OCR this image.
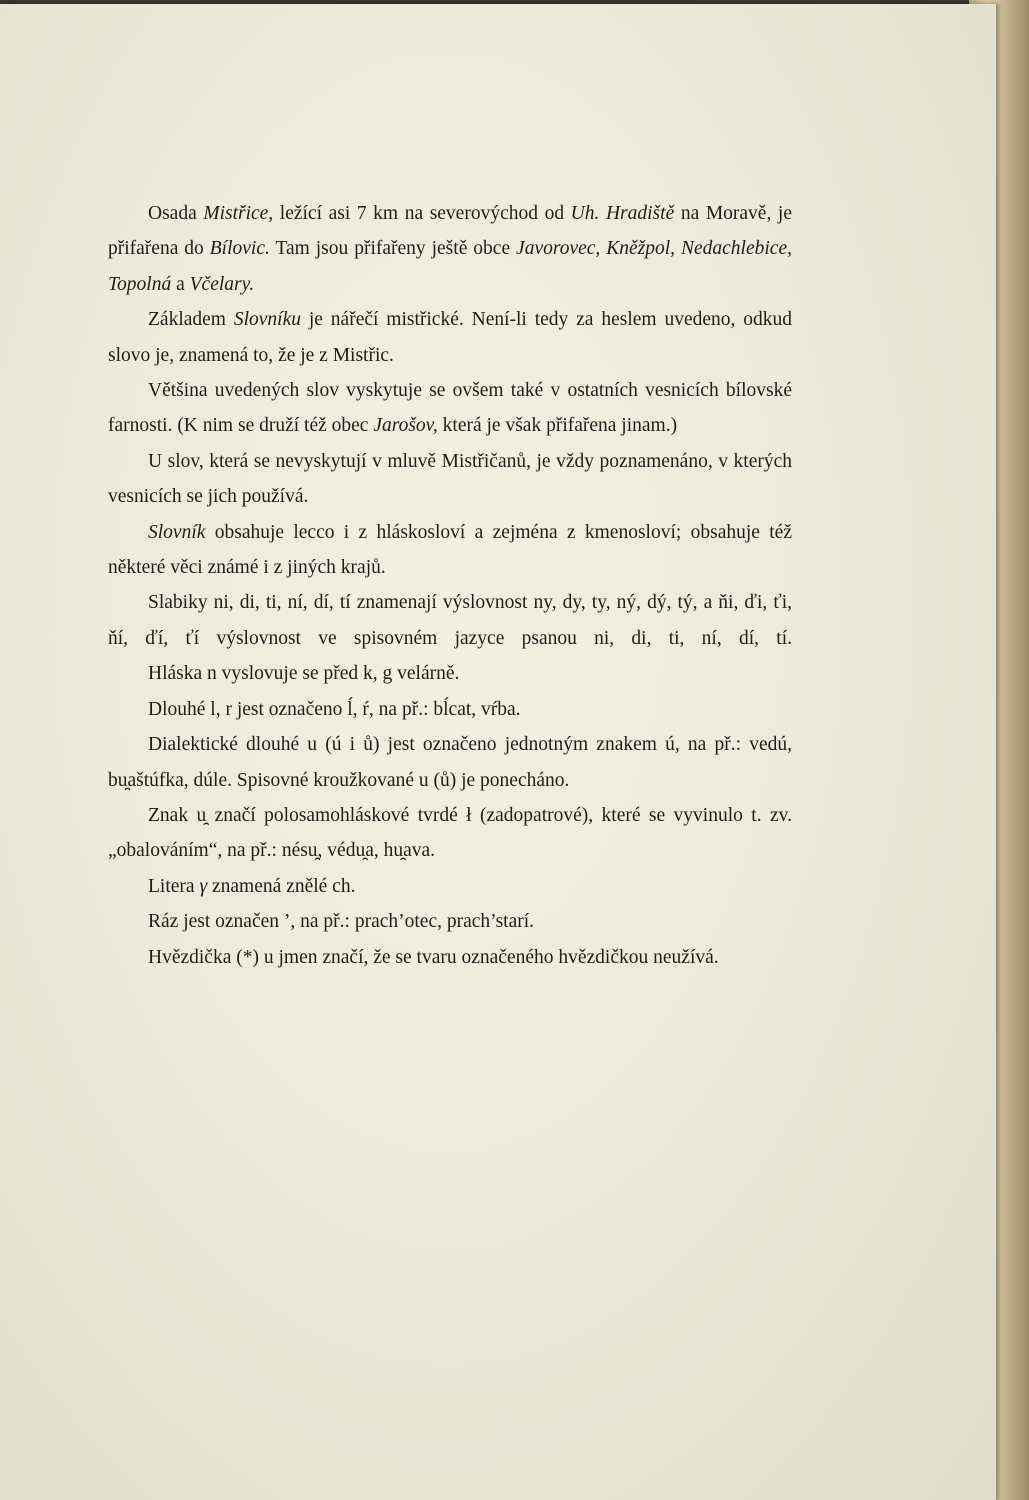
Osada Mistřice, ležící asi 7 km na severovýchod od Uh. Hradiště na Moravě, je přifařena do Bílovic. Tam jsou přifařeny ještě obce Javorovec, Kněžpol, Nedachlebice, Topolná a Včelary.

Základem Slovníku je nářečí mistřické. Není-li tedy za heslem uvedeno, odkud slovo je, znamená to, že je z Mistřic.

Většina uvedených slov vyskytuje se ovšem také v ostatních vesnicích bílovské farnosti. (K nim se druží též obec Jarošov, která je však přifařena jinam.)

U slov, která se nevyskytují v mluvě Mistřičanů, je vždy poznamenáno, v kterých vesnicích se jich používá.

Slovník obsahuje lecco i z hláskosloví a zejména z kmenosloví; obsahuje též některé věci známé i z jiných krajů.

Slabiky ni, di, ti, ní, dí, tí znamenají výslovnost ny, dy, ty, ný, dý, tý, a ňi, ďi, ťi, ňí, ďí, ťí výslovnost ve spisovném jazyce psanou ni, di, ti, ní, dí, tí.

Hláska n vyslovuje se před k, g velárně.

Dlouhé l, r jest označeno ĺ, ŕ, na př.: bĺcat, vŕba.

Dialektické dlouhé u (ú i ů) jest označeno jednotným znakem ú, na př.: vedú, bu̯aštúfka, dúle. Spisovné kroužkované u (ů) je ponecháno.

Znak u̯ značí polosamohláskové tvrdé ł (zadopatrové), které se vyvinulo t. zv. „obalováním“, na př.: nésu̯, védu̯a, hu̯ava.

Litera γ znamená znělé ch.

Ráz jest označen ’, na př.: prach’otec, prach’starí.

Hvězdička (*) u jmen značí, že se tvaru označeného hvězdičkou neužívá.
